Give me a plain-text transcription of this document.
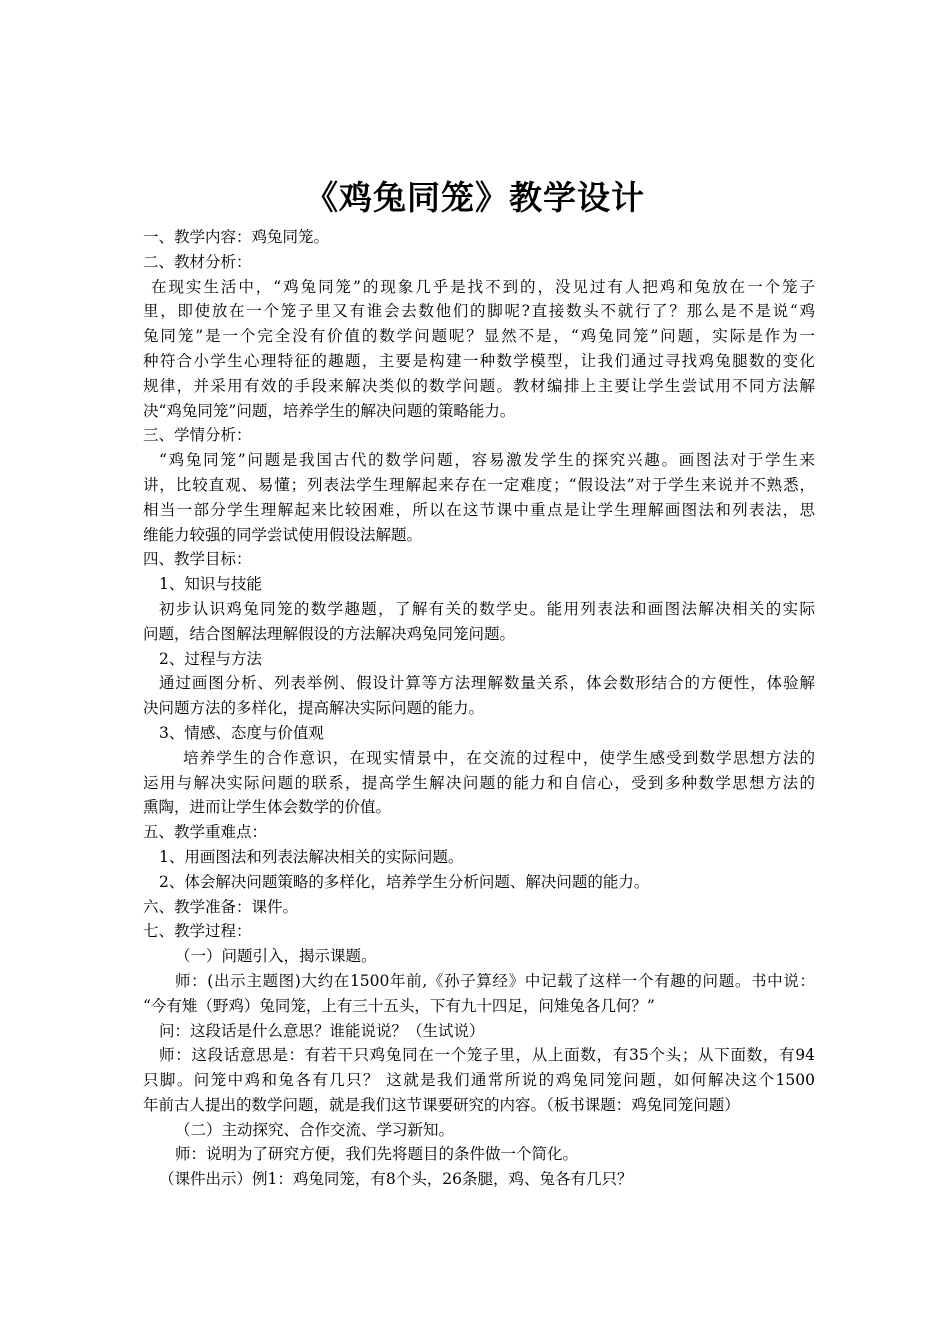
《鸡兔同笼》教学设计
一、教学内容：鸡兔同笼。
二、教材分析：
在现实生活中，“鸡兔同笼”的现象几乎是找不到的，没见过有人把鸡和兔放在一个笼子
里，即使放在一个笼子里又有谁会去数他们的脚呢?直接数头不就行了？那么是不是说“鸡
兔同笼”是一个完全没有价值的数学问题呢？显然不是，“鸡兔同笼”问题，实际是作为一
种符合小学生心理特征的趣题，主要是构建一种数学模型，让我们通过寻找鸡兔腿数的变化
规律，并采用有效的手段来解决类似的数学问题。教材编排上主要让学生尝试用不同方法解
决“鸡兔同笼”问题，培养学生的解决问题的策略能力。
三、学情分析：
“鸡兔同笼”问题是我国古代的数学问题，容易激发学生的探究兴趣。画图法对于学生来
讲，比较直观、易懂；列表法学生理解起来存在一定难度；“假设法”对于学生来说并不熟悉，
相当一部分学生理解起来比较困难，所以在这节课中重点是让学生理解画图法和列表法，思
维能力较强的同学尝试使用假设法解题。
四、教学目标：
1、知识与技能
初步认识鸡兔同笼的数学趣题，了解有关的数学史。能用列表法和画图法解决相关的实际
问题，结合图解法理解假设的方法解决鸡兔同笼问题。
2、过程与方法
通过画图分析、列表举例、假设计算等方法理解数量关系，体会数形结合的方便性，体验解
决问题方法的多样化，提高解决实际问题的能力。
3、情感、态度与价值观
培养学生的合作意识，在现实情景中，在交流的过程中，使学生感受到数学思想方法的
运用与解决实际问题的联系，提高学生解决问题的能力和自信心，受到多种数学思想方法的
熏陶，进而让学生体会数学的价值。
五、教学重难点：
1、用画图法和列表法解决相关的实际问题。
2、体会解决问题策略的多样化，培养学生分析问题、解决问题的能力。
六、教学准备：课件。
七、教学过程：
（一）问题引入，揭示课题。
师：(出示主题图)大约在1500年前,《孙子算经》中记载了这样一个有趣的问题。书中说：
“今有雉（野鸡）兔同笼，上有三十五头，下有九十四足，问雉兔各几何？”
问：这段话是什么意思？谁能说说？（生试说）
师：这段话意思是：有若干只鸡兔同在一个笼子里，从上面数，有35个头；从下面数，有94
只脚。问笼中鸡和兔各有几只？ 这就是我们通常所说的鸡兔同笼问题，如何解决这个1500
年前古人提出的数学问题，就是我们这节课要研究的内容。（板书课题：鸡兔同笼问题）
（二）主动探究、合作交流、学习新知。
师：说明为了研究方便，我们先将题目的条件做一个简化。
（课件出示）例1：鸡兔同笼，有8个头，26条腿，鸡、兔各有几只？
